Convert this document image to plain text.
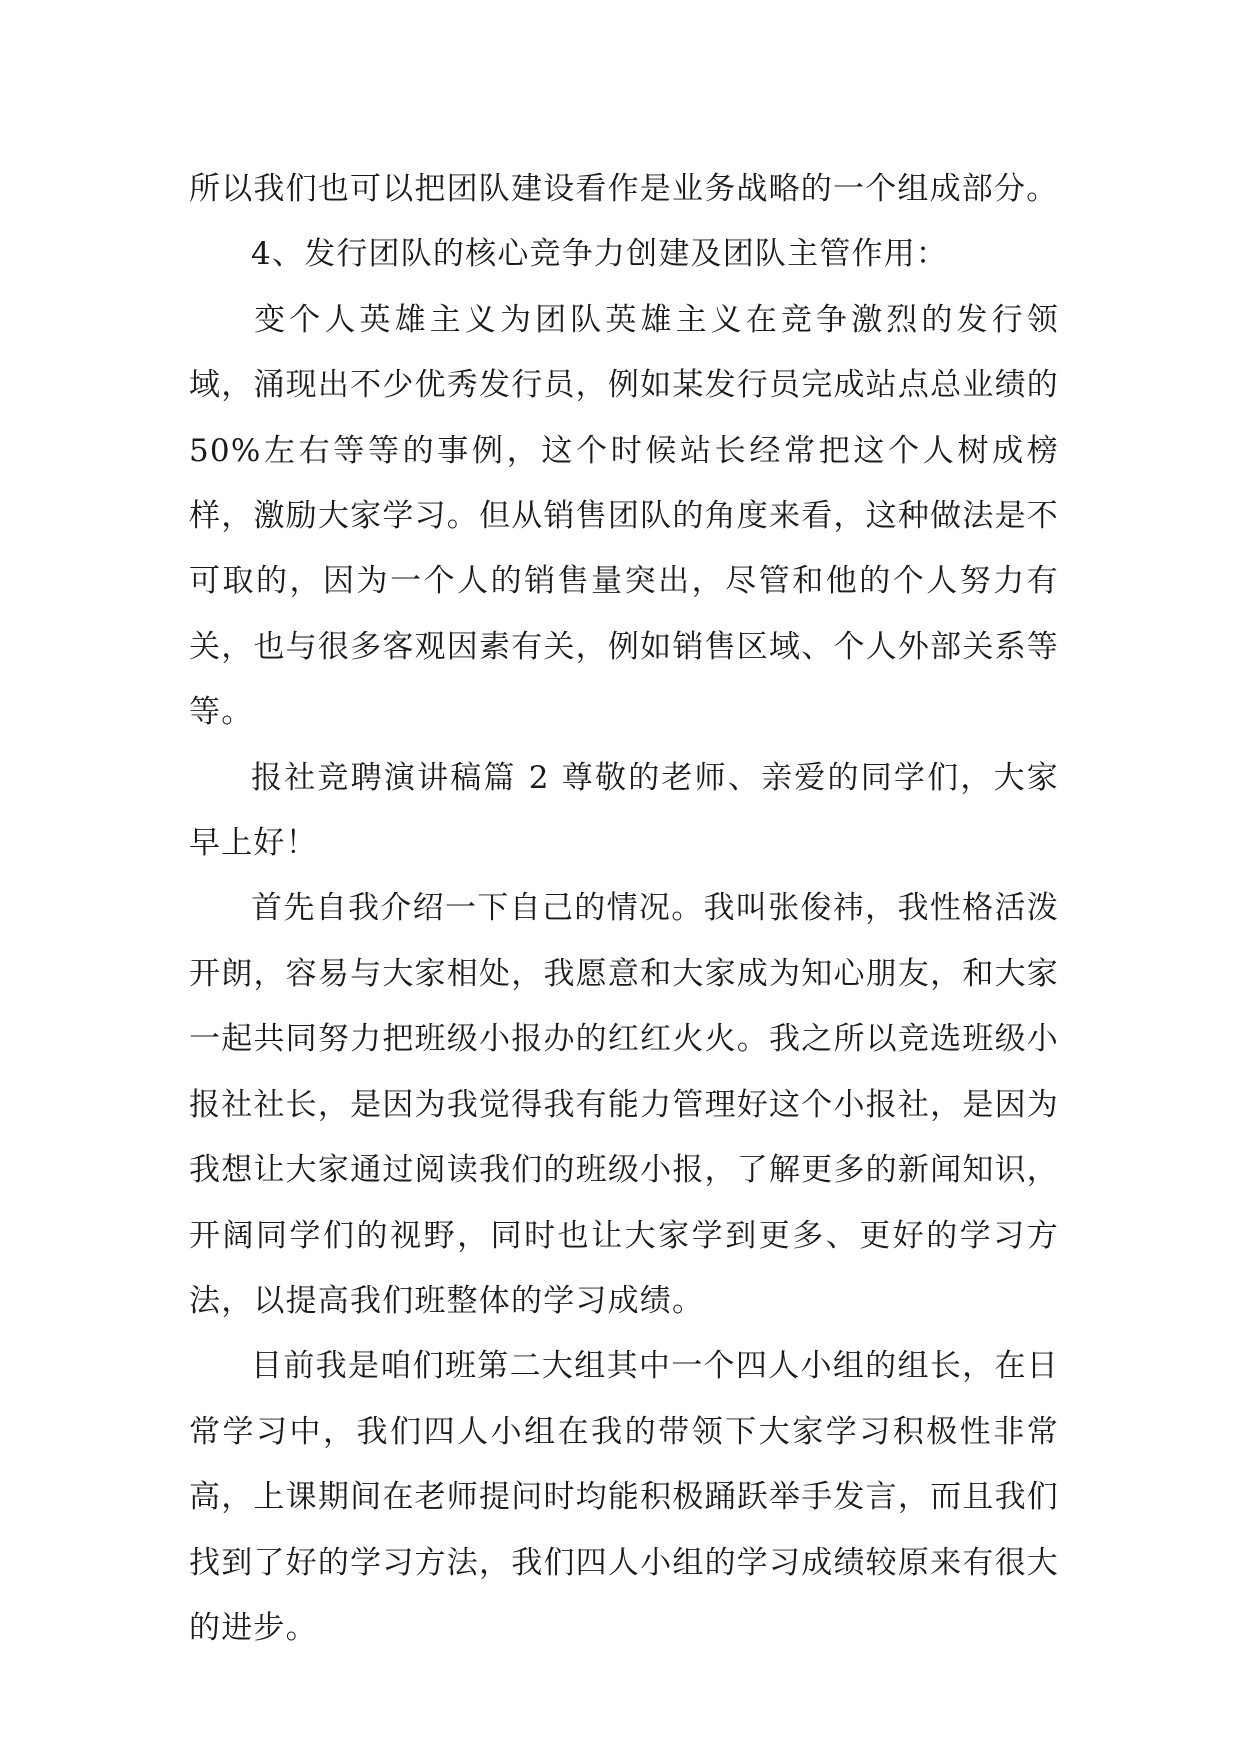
所以我们也可以把团队建设看作是业务战略的一个组成部分。

4、发行团队的核心竞争力创建及团队主管作用：

变个人英雄主义为团队英雄主义在竞争激烈的发行领域，涌现出不少优秀发行员，例如某发行员完成站点总业绩的 50%左右等等的事例，这个时候站长经常把这个人树成榜样，激励大家学习。但从销售团队的角度来看，这种做法是不可取的，因为一个人的销售量突出，尽管和他的个人努力有关，也与很多客观因素有关，例如销售区域、个人外部关系等等。

报社竞聘演讲稿篇 2 尊敬的老师、亲爱的同学们，大家早上好！

首先自我介绍一下自己的情况。我叫张俊祎，我性格活泼开朗，容易与大家相处，我愿意和大家成为知心朋友，和大家一起共同努力把班级小报办的红红火火。我之所以竞选班级小报社社长，是因为我觉得我有能力管理好这个小报社，是因为我想让大家通过阅读我们的班级小报，了解更多的新闻知识，开阔同学们的视野，同时也让大家学到更多、更好的学习方法，以提高我们班整体的学习成绩。

目前我是咱们班第二大组其中一个四人小组的组长，在日常学习中，我们四人小组在我的带领下大家学习积极性非常高，上课期间在老师提问时均能积极踊跃举手发言，而且我们找到了好的学习方法，我们四人小组的学习成绩较原来有很大的进步。
